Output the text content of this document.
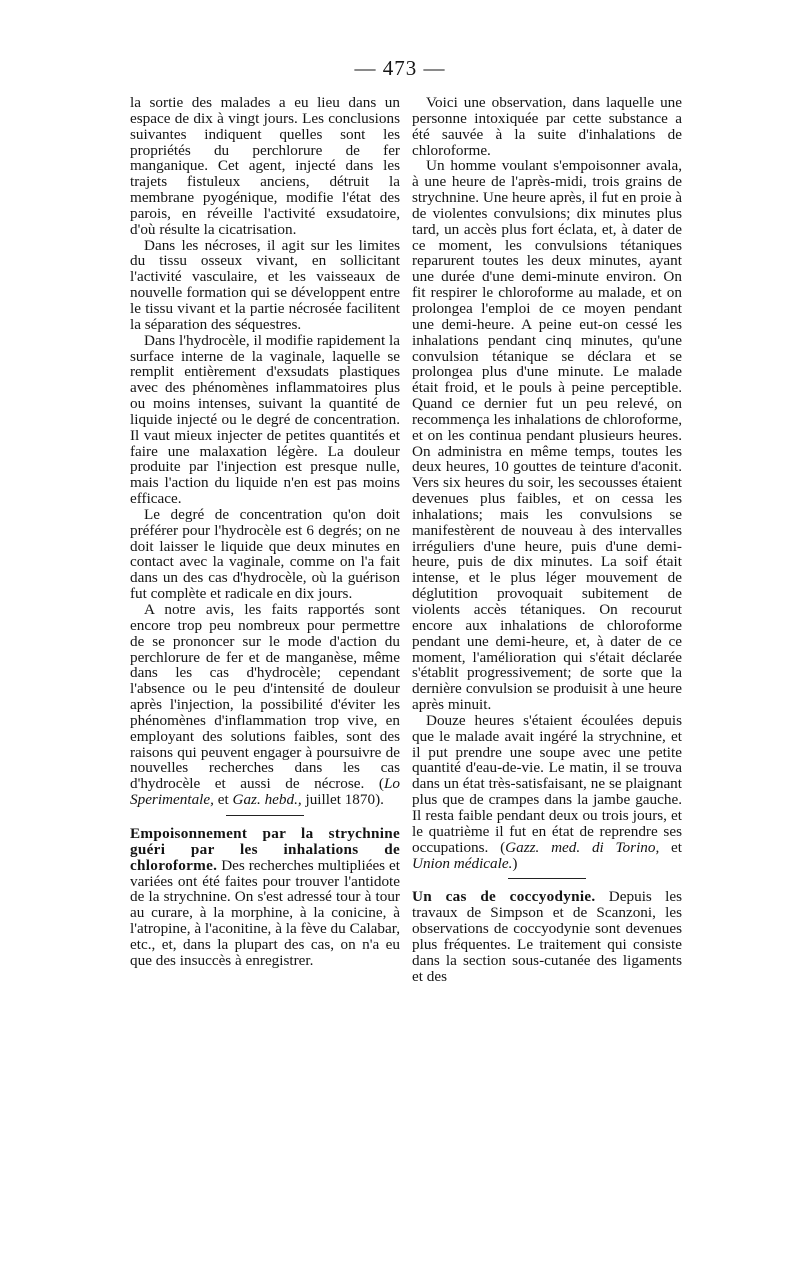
— 473 —

la sortie des malades a eu lieu dans un espace de dix à vingt jours. Les conclusions suivantes indiquent quelles sont les propriétés du perchlorure de fer manganique. Cet agent, injecté dans les trajets fistuleux anciens, détruit la membrane pyogénique, modifie l'état des parois, en réveille l'activité exsudatoire, d'où résulte la cicatrisation.

Dans les nécroses, il agit sur les limites du tissu osseux vivant, en sollicitant l'activité vasculaire, et les vaisseaux de nouvelle formation qui se développent entre le tissu vivant et la partie nécrosée facilitent la séparation des séquestres.

Dans l'hydrocèle, il modifie rapidement la surface interne de la vaginale, laquelle se remplit entièrement d'exsudats plastiques avec des phénomènes inflammatoires plus ou moins intenses, suivant la quantité de liquide injecté ou le degré de concentration. Il vaut mieux injecter de petites quantités et faire une malaxation légère. La douleur produite par l'injection est presque nulle, mais l'action du liquide n'en est pas moins efficace.

Le degré de concentration qu'on doit préférer pour l'hydrocèle est 6 degrés; on ne doit laisser le liquide que deux minutes en contact avec la vaginale, comme on l'a fait dans un des cas d'hydrocèle, où la guérison fut complète et radicale en dix jours.

A notre avis, les faits rapportés sont encore trop peu nombreux pour permettre de se prononcer sur le mode d'action du perchlorure de fer et de manganèse, même dans les cas d'hydrocèle; cependant l'absence ou le peu d'intensité de douleur après l'injection, la possibilité d'éviter les phénomènes d'inflammation trop vive, en employant des solutions faibles, sont des raisons qui peuvent engager à poursuivre de nouvelles recherches dans les cas d'hydrocèle et aussi de nécrose. (Lo Sperimentale, et Gaz. hebd., juillet 1870).

Empoisonnement par la strychnine guéri par les inhalations de chloroforme. Des recherches multipliées et variées ont été faites pour trouver l'antidote de la strychnine. On s'est adressé tour à tour au curare, à la morphine, à la conicine, à l'atropine, à l'aconitine, à la fève du Calabar, etc., et, dans la plupart des cas, on n'a eu que des insuccès à enregistrer.

Voici une observation, dans laquelle une personne intoxiquée par cette substance a été sauvée à la suite d'inhalations de chloroforme.

Un homme voulant s'empoisonner avala, à une heure de l'après-midi, trois grains de strychnine. Une heure après, il fut en proie à de violentes convulsions; dix minutes plus tard, un accès plus fort éclata, et, à dater de ce moment, les convulsions tétaniques reparurent toutes les deux minutes, ayant une durée d'une demi-minute environ. On fit respirer le chloroforme au malade, et on prolongea l'emploi de ce moyen pendant une demi-heure. A peine eut-on cessé les inhalations pendant cinq minutes, qu'une convulsion tétanique se déclara et se prolongea plus d'une minute. Le malade était froid, et le pouls à peine perceptible. Quand ce dernier fut un peu relevé, on recommença les inhalations de chloroforme, et on les continua pendant plusieurs heures. On administra en même temps, toutes les deux heures, 10 gouttes de teinture d'aconit. Vers six heures du soir, les secousses étaient devenues plus faibles, et on cessa les inhalations; mais les convulsions se manifestèrent de nouveau à des intervalles irréguliers d'une heure, puis d'une demi-heure, puis de dix minutes. La soif était intense, et le plus léger mouvement de déglutition provoquait subitement de violents accès tétaniques. On recourut encore aux inhalations de chloroforme pendant une demi-heure, et, à dater de ce moment, l'amélioration qui s'était déclarée s'établit progressivement; de sorte que la dernière convulsion se produisit à une heure après minuit.

Douze heures s'étaient écoulées depuis que le malade avait ingéré la strychnine, et il put prendre une soupe avec une petite quantité d'eau-de-vie. Le matin, il se trouva dans un état très-satisfaisant, ne se plaignant plus que de crampes dans la jambe gauche. Il resta faible pendant deux ou trois jours, et le quatrième il fut en état de reprendre ses occupations. (Gazz. med. di Torino, et Union médicale.)

Un cas de coccyodynie. Depuis les travaux de Simpson et de Scanzoni, les observations de coccyodynie sont devenues plus fréquentes. Le traitement qui consiste dans la section sous-cutanée des ligaments et des
